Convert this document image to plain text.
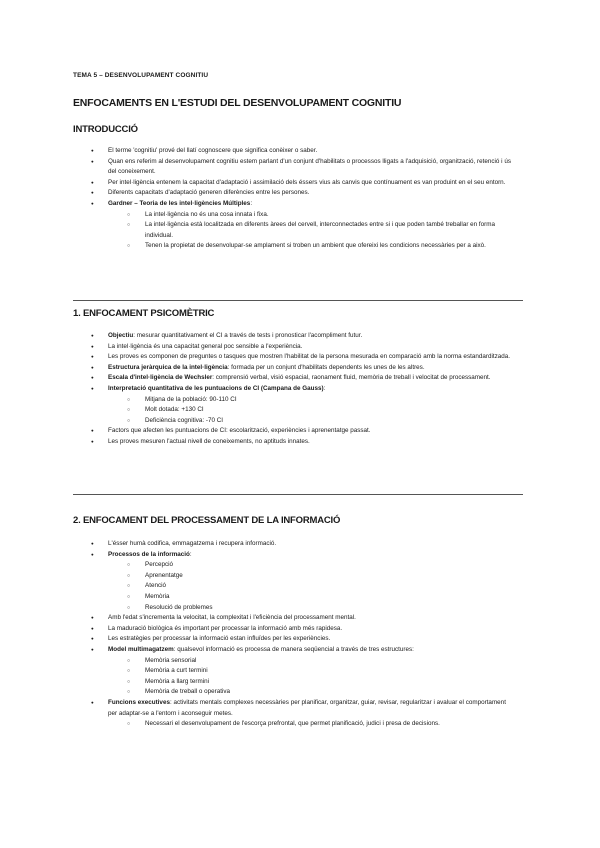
TEMA 5 – DESENVOLUPAMENT COGNITIU
ENFOCAMENTS EN L'ESTUDI DEL DESENVOLUPAMENT COGNITIU
INTRODUCCIÓ
● El terme 'cognitiu' prové del llatí cognoscere que significa conèixer o saber.
● Quan ens referim al desenvolupament cognitiu estem parlant d'un conjunt d'habilitats o processos lligats a l'adquisició, organització, retenció i ús del coneixement.
● Per intel·ligència entenem la capacitat d'adaptació i assimilació dels éssers vius als canvis que contínuament es van produint en el seu entorn.
● Diferents capacitats d'adaptació generen diferències entre les persones.
● Gardner – Teoria de les intel·ligències Múltiples:
○ La intel·ligència no és una cosa innata i fixa.
○ La intel·ligència està localitzada en diferents àrees del cervell, interconnectades entre si i que poden també treballar en forma individual.
○ Tenen la propietat de desenvolupar-se amplament si troben un ambient que ofereixi les condicions necessàries per a això.
1. ENFOCAMENT PSICOMÈTRIC
● Objectiu: mesurar quantitativament el CI a través de tests i pronosticar l'acompliment futur.
● La intel·ligència és una capacitat general poc sensible a l'experiència.
● Les proves es componen de preguntes o tasques que mostren l'habilitat de la persona mesurada en comparació amb la norma estandarditzada.
● Estructura jeràrquica de la intel·ligència: formada per un conjunt d'habilitats dependents les unes de les altres.
● Escala d'intel·ligència de Wechsler: comprensió verbal, visió espacial, raonament fluid, memòria de treball i velocitat de processament.
● Interpretació quantitativa de les puntuacions de CI (Campana de Gauss):
○ Mitjana de la població: 90-110 CI
○ Molt dotada: +130 CI
○ Deficiència cognitiva: -70 CI
● Factors que afecten les puntuacions de CI: escolarització, experiències i aprenentatge passat.
● Les proves mesuren l'actual nivell de coneixements, no aptituds innates.
2. ENFOCAMENT DEL PROCESSAMENT DE LA INFORMACIÓ
● L'ésser humà codifica, emmagatzema i recupera informació.
● Processos de la informació:
○ Percepció
○ Aprenentatge
○ Atenció
○ Memòria
○ Resolució de problemes
● Amb l'edat s'incrementa la velocitat, la complexitat i l'eficiència del processament mental.
● La maduració biològica és important per processar la informació amb més rapidesa.
● Les estratègies per processar la informació estan influïdes per les experiències.
● Model multimagatzem: qualsevol informació es processa de manera seqüencial a través de tres estructures:
○ Memòria sensorial
○ Memòria a curt termini
○ Memòria a llarg termini
○ Memòria de treball o operativa
● Funcions executives: activitats mentals complexes necessàries per planificar, organitzar, guiar, revisar, regularitzar i avaluar el comportament per adaptar-se a l'entorn i aconseguir metes.
○ Necessari el desenvolupament de l'escorça prefrontal, que permet planificació, judici i presa de decisions.
